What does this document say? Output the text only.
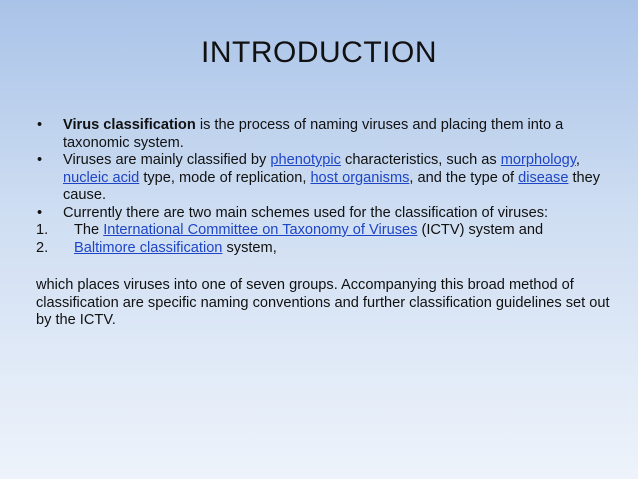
INTRODUCTION

• Virus classification is the process of naming viruses and placing them into a taxonomic system.

• Viruses are mainly classified by phenotypic characteristics, such as morphology, nucleic acid type, mode of replication, host organisms, and the type of disease they cause.

• Currently there are two main schemes used for the classification of viruses:

1. The International Committee on Taxonomy of Viruses (ICTV) system and

2. Baltimore classification system,

which places viruses into one of seven groups. Accompanying this broad method of classification are specific naming conventions and further classification guidelines set out by the ICTV.
